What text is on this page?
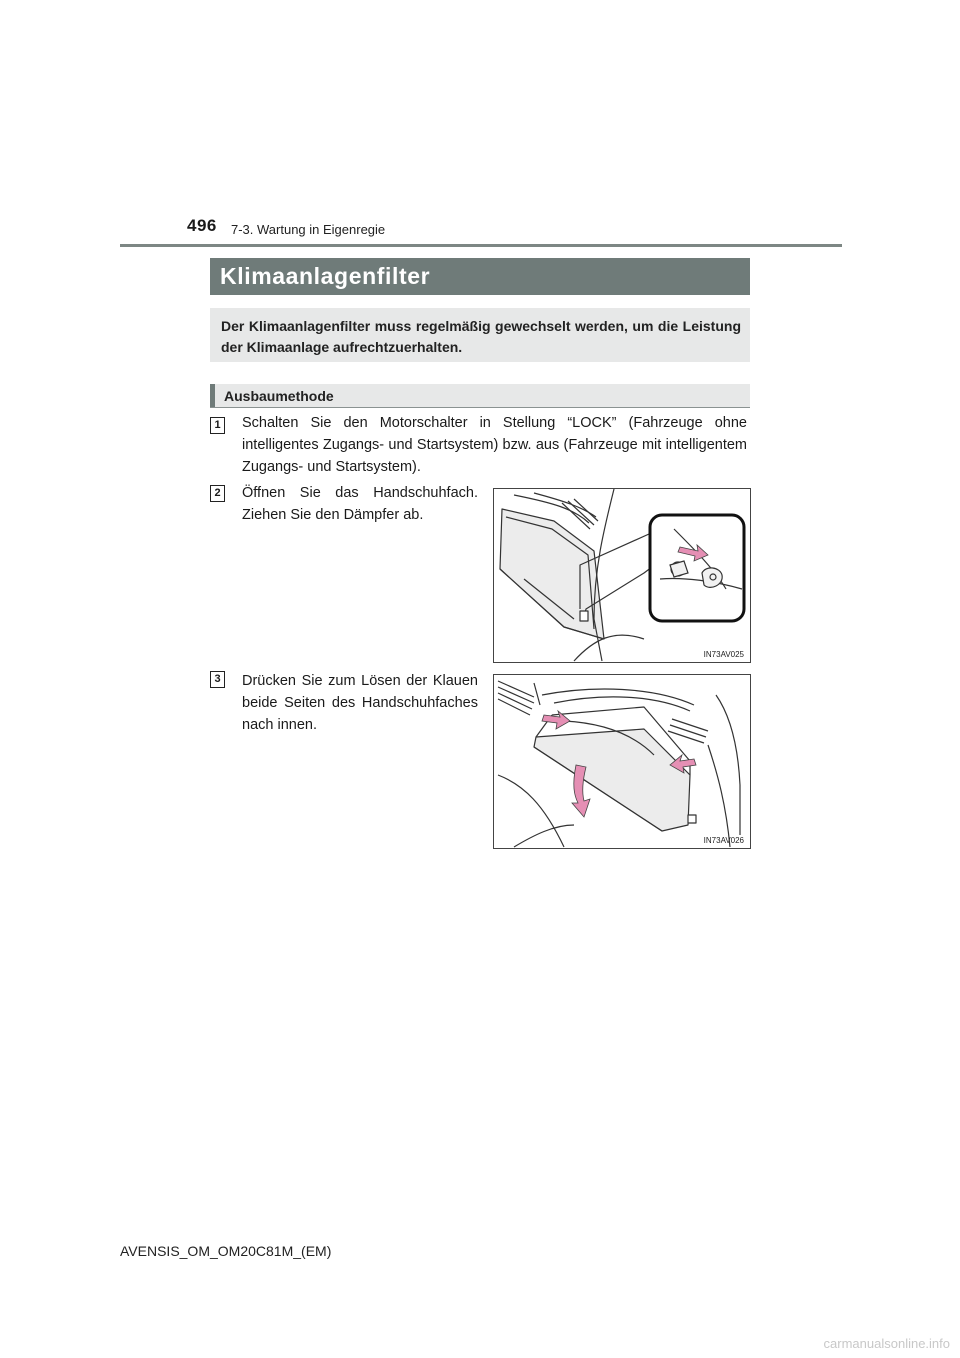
496 7-3. Wartung in Eigenregie
Klimaanlagenfilter

Der Klimaanlagenfilter muss regelmäßig gewechselt werden, um die Leistung der Klimaanlage aufrechtzuerhalten.

Ausbaumethode
1	Schalten Sie den Motorschalter in Stellung “LOCK” (Fahrzeuge ohne intelligentes Zugangs- und Startsystem) bzw. aus (Fahrzeuge mit intelligentem Zugangs- und Startsystem).

2	Öffnen Sie das Handschuhfach. Ziehen Sie den Dämpfer ab.

IN73AV025
3	Drücken Sie zum Lösen der Klauen beide Seiten des Handschuhfaches nach innen.

IN73AV026
AVENSIS_OM_OM20C81M_(EM)
carmanualsonline.info
